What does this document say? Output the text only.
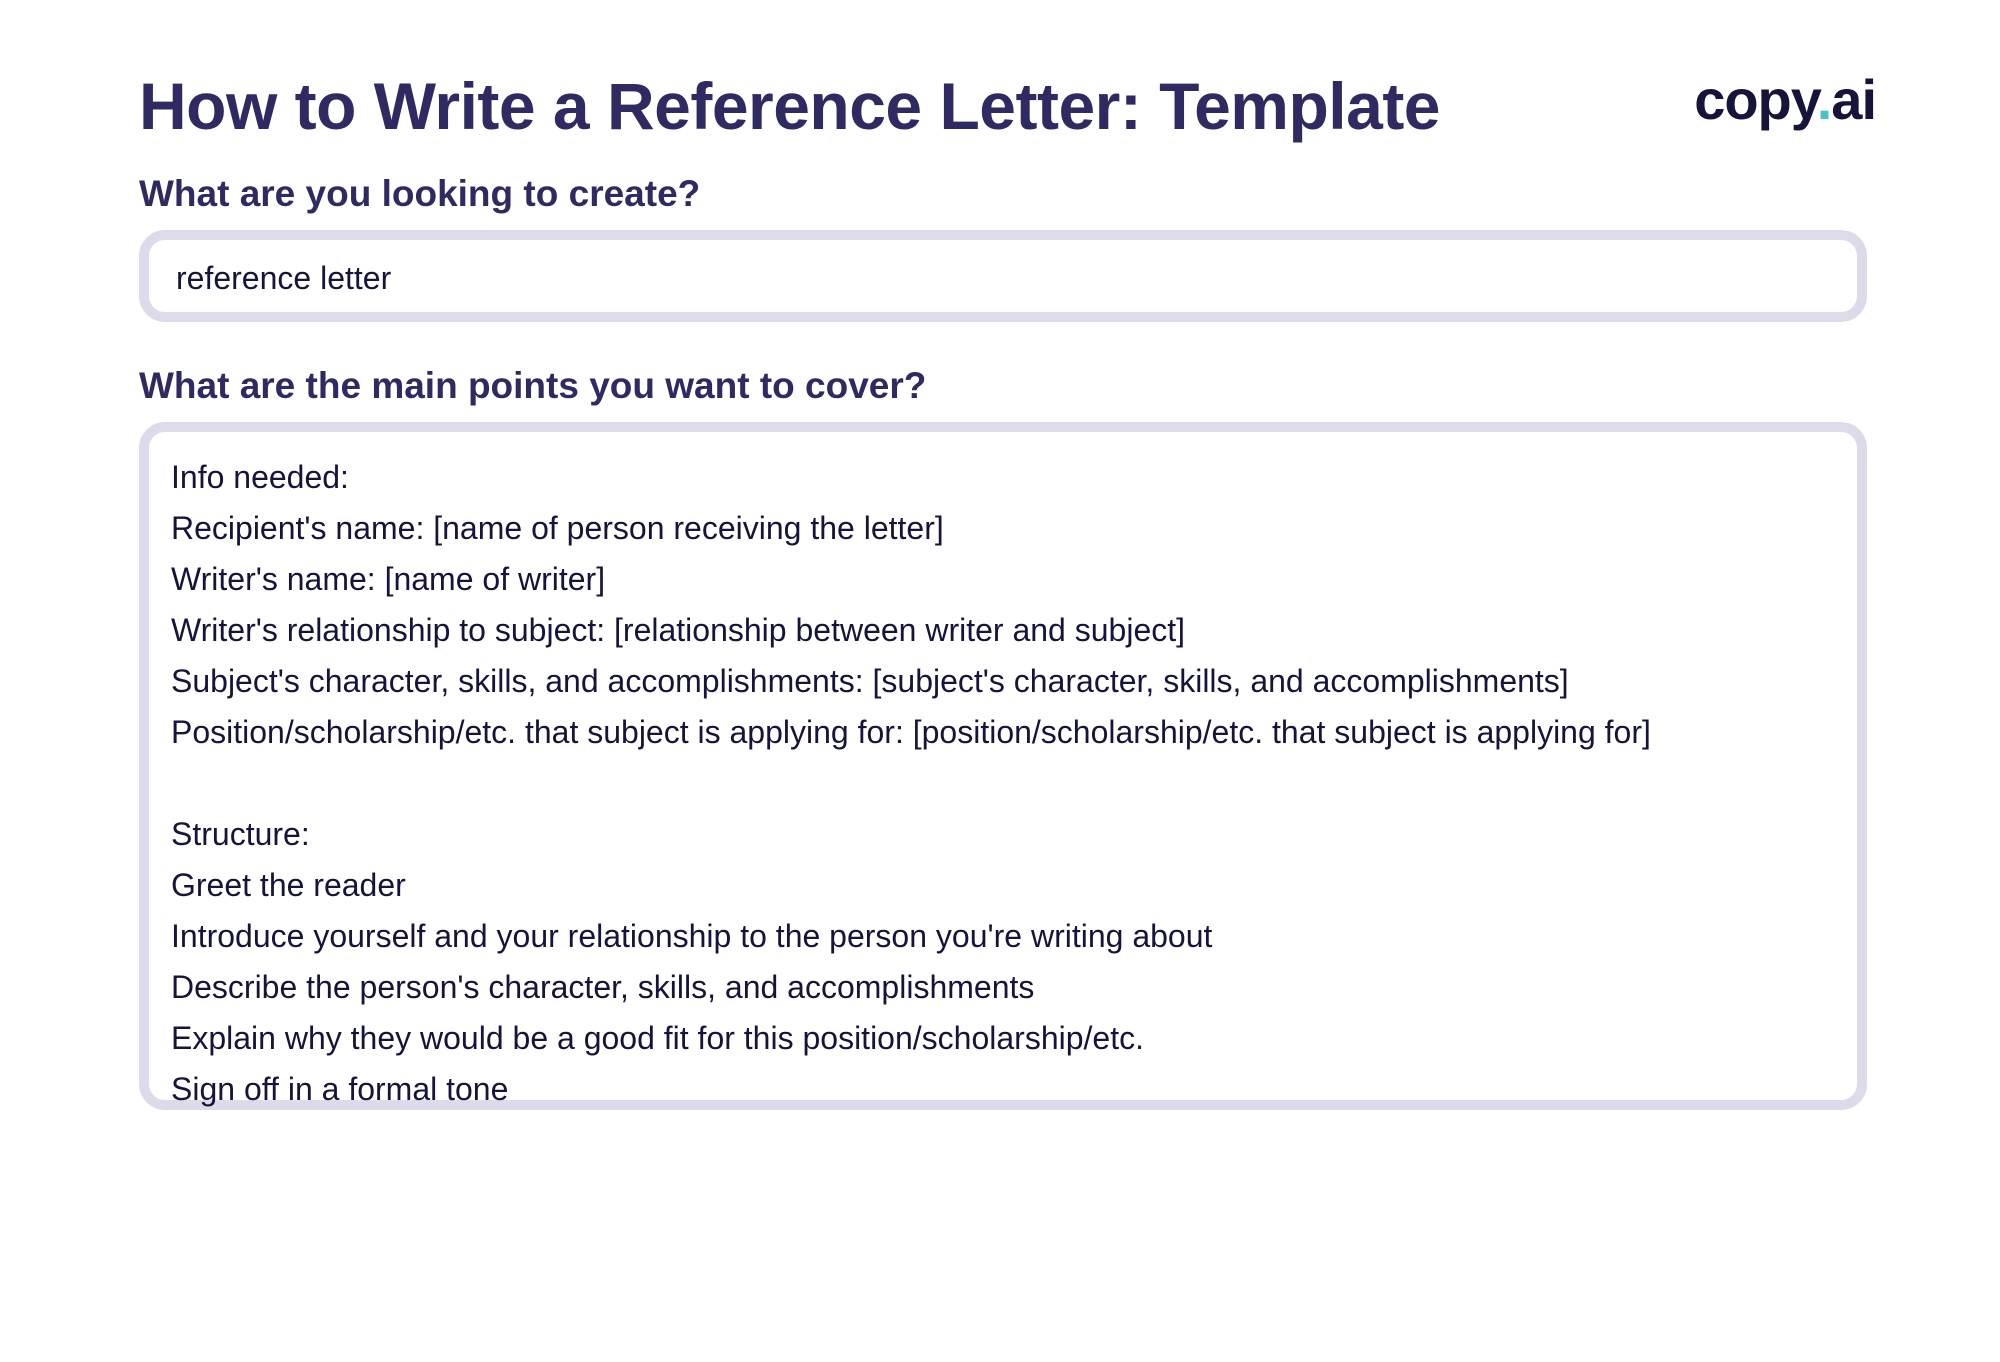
How to Write a Reference Letter: Template	copy.ai
What are you looking to create?
reference letter
What are the main points you want to cover?
Info needed:
Recipient's name: [name of person receiving the letter]
Writer's name: [name of writer]
Writer's relationship to subject: [relationship between writer and subject]
Subject's character, skills, and accomplishments: [subject's character, skills, and accomplishments]
Position/scholarship/etc. that subject is applying for: [position/scholarship/etc. that subject is applying for]
Structure:
Greet the reader
Introduce yourself and your relationship to the person you're writing about
Describe the person's character, skills, and accomplishments
Explain why they would be a good fit for this position/scholarship/etc.
Sign off in a formal tone
